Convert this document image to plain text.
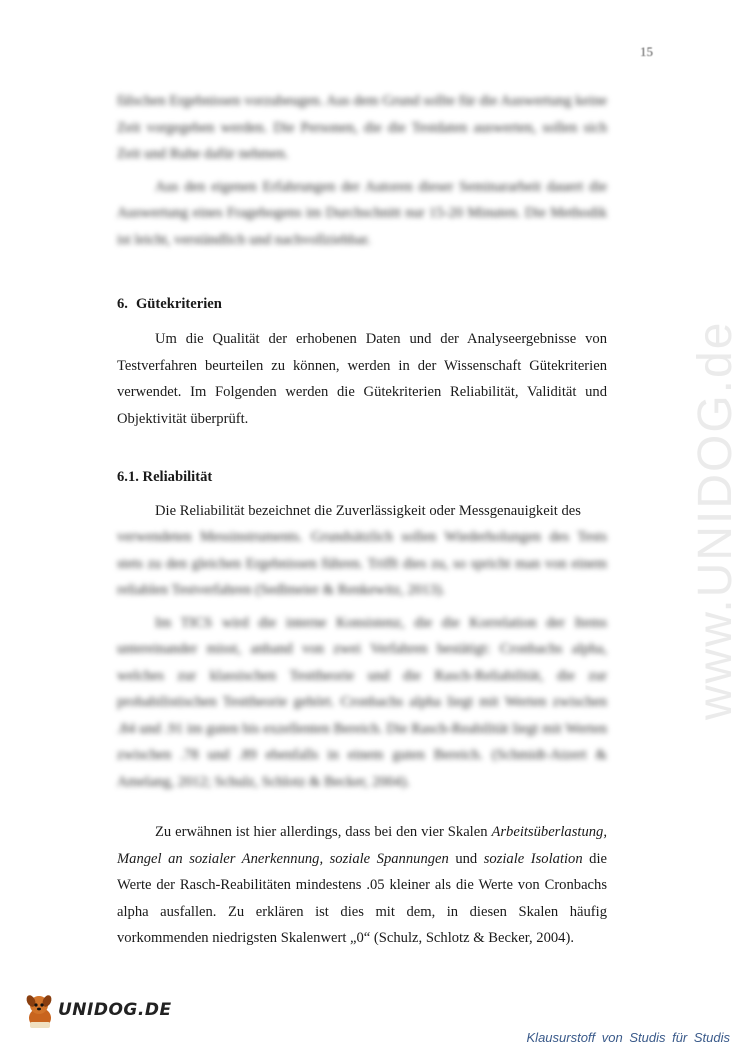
www.UNIDOG.de
15

fälschen Ergebnissen vorzubeugen. Aus dem Grund sollte für die Auswertung keine Zeit vorgegeben werden. Die Personen, die die Testdaten auswerten, sollen sich Zeit und Ruhe dafür nehmen.

Aus den eigenen Erfahrungen der Autoren dieser Seminararbeit dauert die Auswertung eines Fragebogens im Durchschnitt nur 15-20 Minuten. Die Methodik ist leicht, verständlich und nachvollziehbar.

6. Gütekriterien

Um die Qualität der erhobenen Daten und der Analyseergebnisse von Testverfahren beurteilen zu können, werden in der Wissenschaft Gütekriterien verwendet. Im Folgenden werden die Gütekriterien Reliabilität, Validität und Objektivität überprüft.

6.1. Reliabilität

Die Reliabilität bezeichnet die Zuverlässigkeit oder Messgenauigkeit des

verwendeten Messinstruments. Grundsätzlich sollen Wiederholungen des Tests stets zu den gleichen Ergebnissen führen. Trifft dies zu, so spricht man von einem reliablen Testverfahren (Sedlmeier & Renkewitz, 2013).

Im TICS wird die interne Konsistenz, die die Korrelation der Items untereinander misst, anhand von zwei Verfahren bestätigt: Cronbachs alpha, welches zur klassischen Testtheorie und die Rasch-Reliabilität, die zur probabilistischen Testtheorie gehört. Cronbachs alpha liegt mit Werten zwischen .84 und .91 im guten bis exzellenten Bereich. Die Rasch-Reabilität liegt mit Werten zwischen .78 und .89 ebenfalls in einem guten Bereich. (Schmidt-Atzert & Amelang, 2012; Schulz, Schlotz & Becker, 2004).

Zu erwähnen ist hier allerdings, dass bei den vier Skalen Arbeitsüberlastung, Mangel an sozialer Anerkennung, soziale Spannungen und soziale Isolation die Werte der Rasch-Reabilitäten mindestens .05 kleiner als die Werte von Cronbachs alpha ausfallen. Zu erklären ist dies mit dem, in diesen Skalen häufig vorkommenden niedrigsten Skalenwert „0“ (Schulz, Schlotz & Becker, 2004).

UNIDOG.DE
Klausurstoff von Studis für Studis
